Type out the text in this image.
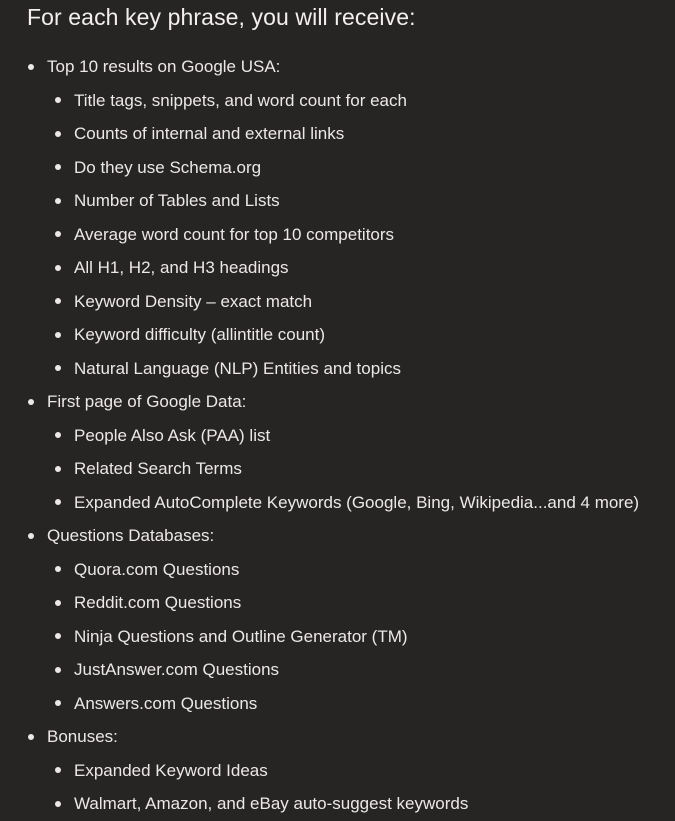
For each key phrase, you will receive:
Top 10 results on Google USA:
Title tags, snippets, and word count for each
Counts of internal and external links
Do they use Schema.org
Number of Tables and Lists
Average word count for top 10 competitors
All H1, H2, and H3 headings
Keyword Density – exact match
Keyword difficulty (allintitle count)
Natural Language (NLP) Entities and topics
First page of Google Data:
People Also Ask (PAA) list
Related Search Terms
Expanded AutoComplete Keywords (Google, Bing, Wikipedia...and 4 more)
Questions Databases:
Quora.com Questions
Reddit.com Questions
Ninja Questions and Outline Generator (TM)
JustAnswer.com Questions
Answers.com Questions
Bonuses:
Expanded Keyword Ideas
Walmart, Amazon, and eBay auto-suggest keywords
